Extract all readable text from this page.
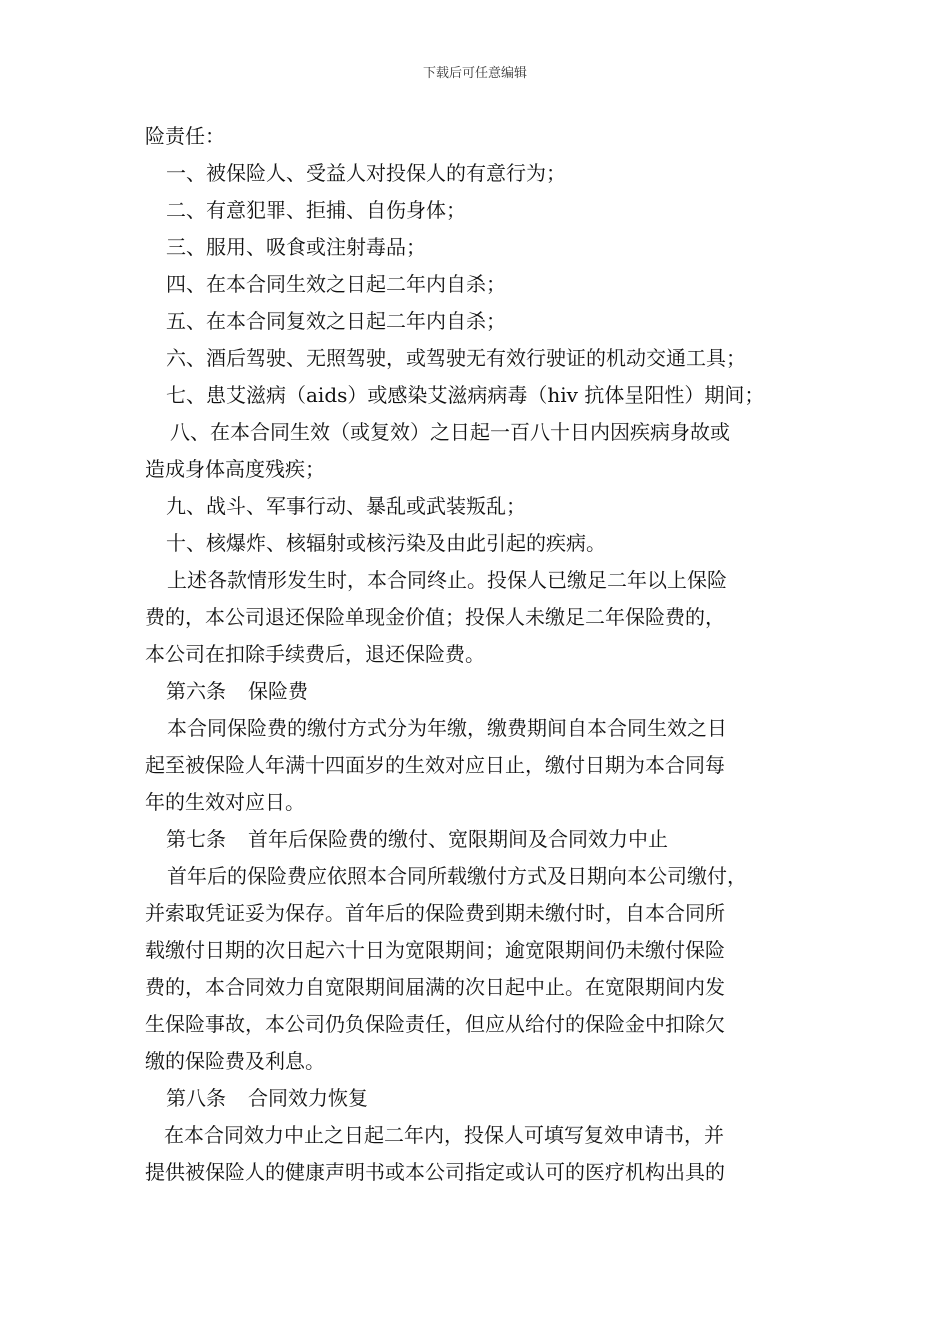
下载后可任意编辑
险责任：
一、被保险人、受益人对投保人的有意行为；
二、有意犯罪、拒捕、自伤身体；
三、服用、吸食或注射毒品；
四、在本合同生效之日起二年内自杀；
五、在本合同复效之日起二年内自杀；
六、酒后驾驶、无照驾驶，或驾驶无有效行驶证的机动交通工具；
七、患艾滋病（aids）或感染艾滋病病毒（hiv 抗体呈阳性）期间；
八、在本合同生效（或复效）之日起一百八十日内因疾病身故或
造成身体高度残疾；
九、战斗、军事行动、暴乱或武装叛乱；
十、核爆炸、核辐射或核污染及由此引起的疾病。
上述各款情形发生时，本合同终止。投保人已缴足二年以上保险
费的，本公司退还保险单现金价值；投保人未缴足二年保险费的，
本公司在扣除手续费后，退还保险费。
第六条 保险费
本合同保险费的缴付方式分为年缴，缴费期间自本合同生效之日
起至被保险人年满十四面岁的生效对应日止，缴付日期为本合同每
年的生效对应日。
第七条 首年后保险费的缴付、宽限期间及合同效力中止
首年后的保险费应依照本合同所载缴付方式及日期向本公司缴付，
并索取凭证妥为保存。首年后的保险费到期未缴付时，自本合同所
载缴付日期的次日起六十日为宽限期间；逾宽限期间仍未缴付保险
费的，本合同效力自宽限期间届满的次日起中止。在宽限期间内发
生保险事故，本公司仍负保险责任，但应从给付的保险金中扣除欠
缴的保险费及利息。
第八条 合同效力恢复
在本合同效力中止之日起二年内，投保人可填写复效申请书，并
提供被保险人的健康声明书或本公司指定或认可的医疗机构出具的
